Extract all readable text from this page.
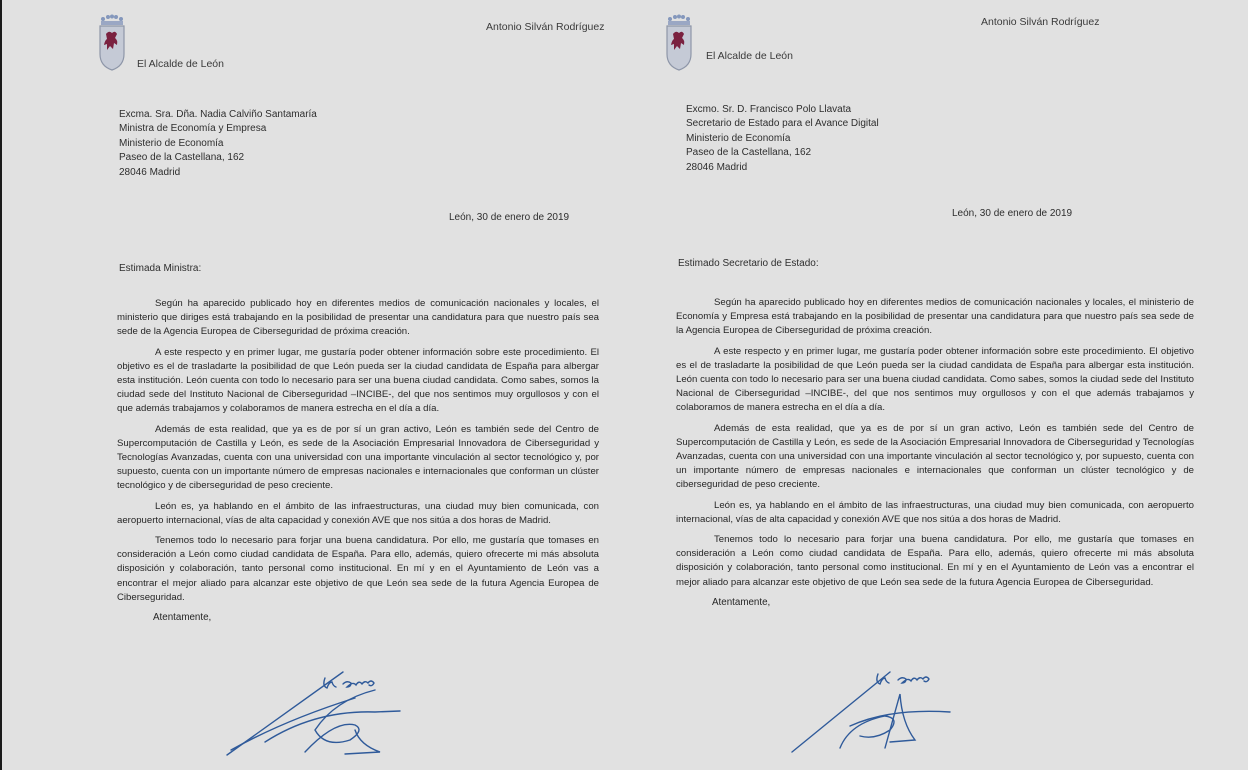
El Alcalde de León
Antonio Silván Rodríguez
Excma. Sra. Dña. Nadia Calviño Santamaría
Ministra de Economía y Empresa
Ministerio de Economía
Paseo de la Castellana, 162
28046 Madrid
León, 30 de enero de 2019
Estimada Ministra:

Según ha aparecido publicado hoy en diferentes medios de comunicación nacionales y locales, el ministerio que diriges está trabajando en la posibilidad de presentar una candidatura para que nuestro país sea sede de la Agencia Europea de Ciberseguridad de próxima creación.

A este respecto y en primer lugar, me gustaría poder obtener información sobre este procedimiento. El objetivo es el de trasladarte la posibilidad de que León pueda ser la ciudad candidata de España para albergar esta institución. León cuenta con todo lo necesario para ser una buena ciudad candidata. Como sabes, somos la ciudad sede del Instituto Nacional de Ciberseguridad –INCIBE-, del que nos sentimos muy orgullosos y con el que además trabajamos y colaboramos de manera estrecha en el día a día.

Además de esta realidad, que ya es de por sí un gran activo, León es también sede del Centro de Supercomputación de Castilla y León, es sede de la Asociación Empresarial Innovadora de Ciberseguridad y Tecnologías Avanzadas, cuenta con una universidad con una importante vinculación al sector tecnológico y, por supuesto, cuenta con un importante número de empresas nacionales e internacionales que conforman un clúster tecnológico y de ciberseguridad de peso creciente.

León es, ya hablando en el ámbito de las infraestructuras, una ciudad muy bien comunicada, con aeropuerto internacional, vías de alta capacidad y conexión AVE que nos sitúa a dos horas de Madrid.

Tenemos todo lo necesario para forjar una buena candidatura. Por ello, me gustaría que tomases en consideración a León como ciudad candidata de España. Para ello, además, quiero ofrecerte mi más absoluta disposición y colaboración, tanto personal como institucional. En mí y en el Ayuntamiento de León vas a encontrar el mejor aliado para alcanzar este objetivo de que León sea sede de la futura Agencia Europea de Ciberseguridad.

Atentamente,
El Alcalde de León
Antonio Silván Rodríguez
Excmo. Sr. D. Francisco Polo Llavata
Secretario de Estado para el Avance Digital
Ministerio de Economía
Paseo de la Castellana, 162
28046 Madrid
León, 30 de enero de 2019
Estimado Secretario de Estado:

Según ha aparecido publicado hoy en diferentes medios de comunicación nacionales y locales, el ministerio de Economía y Empresa está trabajando en la posibilidad de presentar una candidatura para que nuestro país sea sede de la Agencia Europea de Ciberseguridad de próxima creación.

A este respecto y en primer lugar, me gustaría poder obtener información sobre este procedimiento. El objetivo es el de trasladarte la posibilidad de que León pueda ser la ciudad candidata de España para albergar esta institución. León cuenta con todo lo necesario para ser una buena ciudad candidata. Como sabes, somos la ciudad sede del Instituto Nacional de Ciberseguridad –INCIBE-, del que nos sentimos muy orgullosos y con el que además trabajamos y colaboramos de manera estrecha en el día a día.

Además de esta realidad, que ya es de por sí un gran activo, León es también sede del Centro de Supercomputación de Castilla y León, es sede de la Asociación Empresarial Innovadora de Ciberseguridad y Tecnologías Avanzadas, cuenta con una universidad con una importante vinculación al sector tecnológico y, por supuesto, cuenta con un importante número de empresas nacionales e internacionales que conforman un clúster tecnológico y de ciberseguridad de peso creciente.

León es, ya hablando en el ámbito de las infraestructuras, una ciudad muy bien comunicada, con aeropuerto internacional, vías de alta capacidad y conexión AVE que nos sitúa a dos horas de Madrid.

Tenemos todo lo necesario para forjar una buena candidatura. Por ello, me gustaría que tomases en consideración a León como ciudad candidata de España. Para ello, además, quiero ofrecerte mi más absoluta disposición y colaboración, tanto personal como institucional. En mí y en el Ayuntamiento de León vas a encontrar el mejor aliado para alcanzar este objetivo de que León sea sede de la futura Agencia Europea de Ciberseguridad.

Atentamente,
